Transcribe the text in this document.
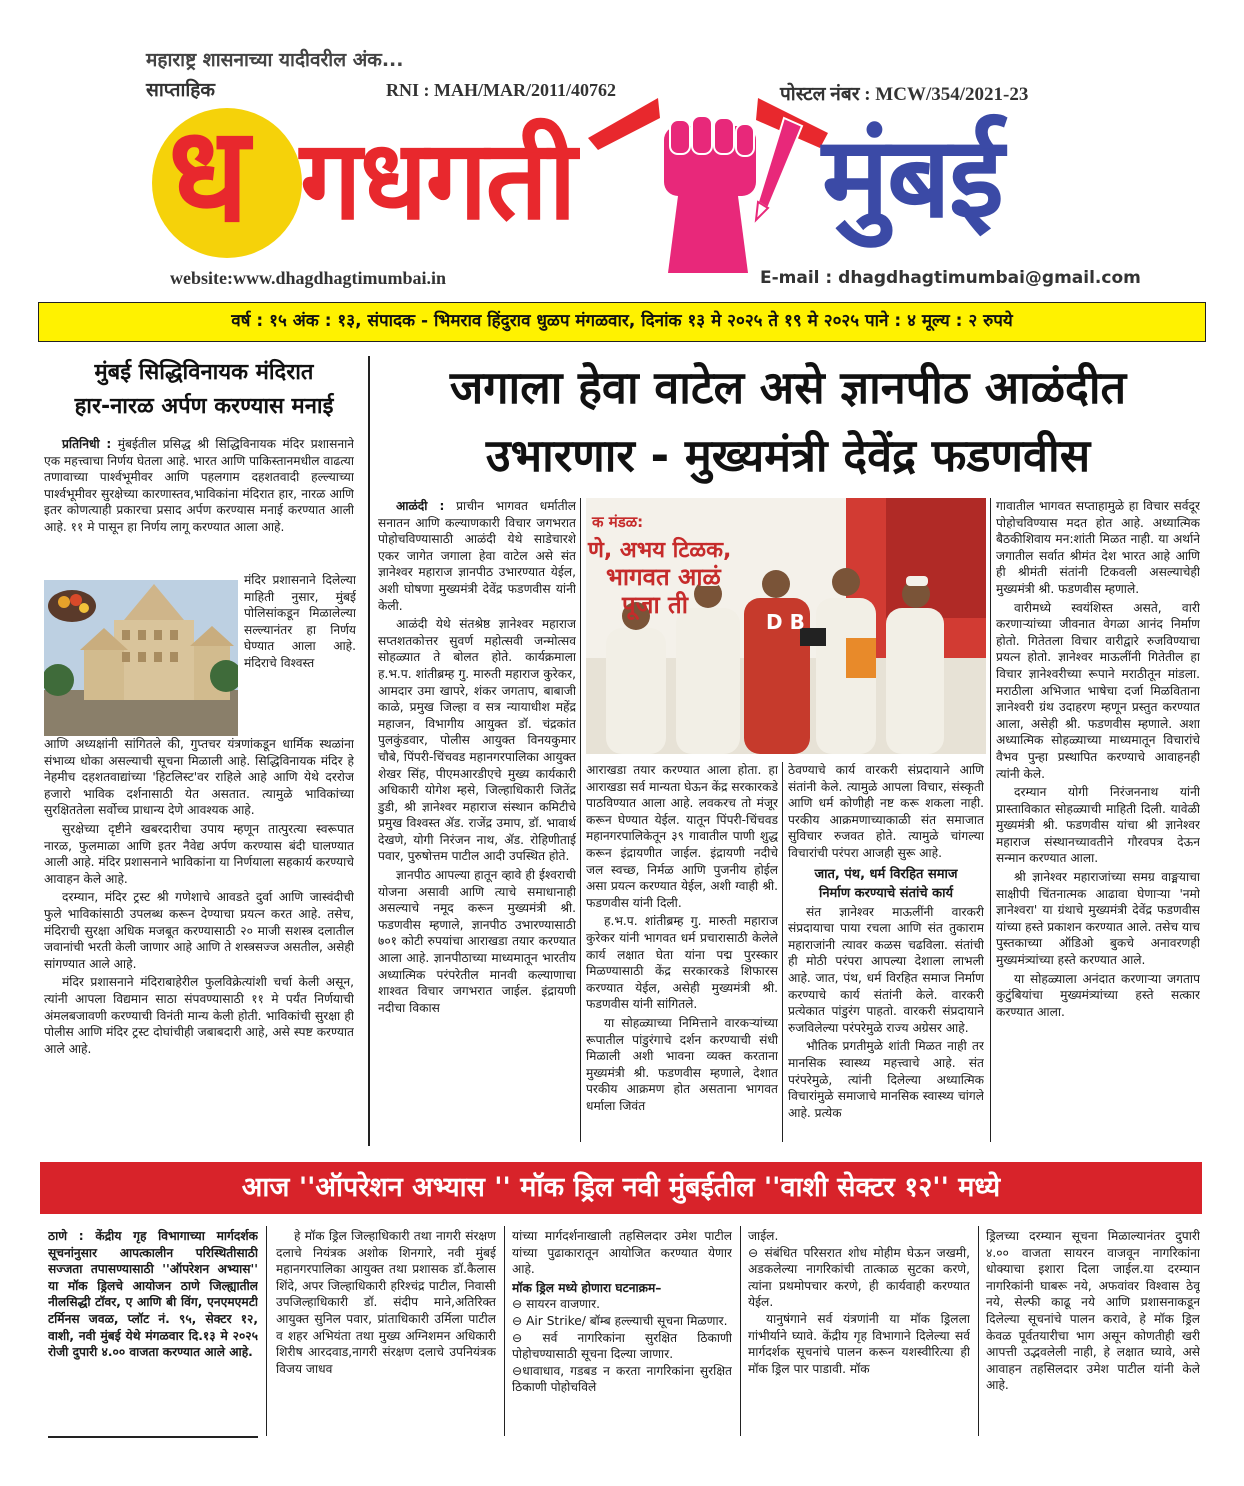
महाराष्ट्र शासनाच्या यादीवरील अंक...
साप्ताहिक	RNI : MAH/MAR/2011/40762	पोस्टल नंबर : MCW/354/2021-23
ध गधगती मुंबई
website:www.dhagdhagtimumbai.in	E-mail : dhagdhagtimumbai@gmail.com
वर्ष : १५ अंक : १३, संपादक - भिमराव हिंदुराव धुळप मंगळवार, दिनांक १३ मे २०२५ ते १९ मे २०२५ पाने : ४ मूल्य : २ रुपये
मुंबई सिद्धिविनायक मंदिरात
हार-नारळ अर्पण करण्यास मनाई

प्रतिनिधी : मुंबईतील प्रसिद्ध श्री सिद्धिविनायक मंदिर प्रशासनाने एक महत्त्वाचा निर्णय घेतला आहे. भारत आणि पाकिस्तानमधील वाढत्या तणावाच्या पार्श्वभूमीवर आणि पहलगाम दहशतवादी हल्ल्याच्या पार्श्वभूमीवर सुरक्षेच्या कारणास्तव,भाविकांना मंदिरात हार, नारळ आणि इतर कोणत्याही प्रकारचा प्रसाद अर्पण करण्यास मनाई करण्यात आली आहे. ११ मे पासून हा निर्णय लागू करण्यात आला आहे.

मंदिर प्रशासनाने दिलेल्या माहिती नुसार, मुंबई पोलिसांकडून मिळालेल्या सल्ल्यानंतर हा निर्णय घेण्यात आला आहे. मंदिराचे विश्वस्त

आणि अध्यक्षांनी सांगितले की, गुप्तचर यंत्रणांकडून धार्मिक स्थळांना संभाव्य धोका असल्याची सूचना मिळाली आहे. सिद्धिविनायक मंदिर हे नेहमीच दहशतवाद्यांच्या 'हिटलिस्ट'वर राहिले आहे आणि येथे दररोज हजारो भाविक दर्शनासाठी येत असतात. त्यामुळे भाविकांच्या सुरक्षिततेला सर्वोच्च प्राधान्य देणे आवश्यक आहे.

सुरक्षेच्या दृष्टीने खबरदारीचा उपाय म्हणून तात्पुरत्या स्वरूपात नारळ, फुलमाळा आणि इतर नैवेद्य अर्पण करण्यास बंदी घालण्यात आली आहे. मंदिर प्रशासनाने भाविकांना या निर्णयाला सहकार्य करण्याचे आवाहन केले आहे.

दरम्यान, मंदिर ट्रस्ट श्री गणेशाचे आवडते दुर्वा आणि जास्वंदीची फुले भाविकांसाठी उपलब्ध करून देण्याचा प्रयत्न करत आहे. तसेच, मंदिराची सुरक्षा अधिक मजबूत करण्यासाठी २० माजी सशस्त्र दलातील जवानांची भरती केली जाणार आहे आणि ते शस्त्रसज्ज असतील, असेही सांगण्यात आले आहे.

मंदिर प्रशासनाने मंदिराबाहेरील फुलविक्रेत्यांशी चर्चा केली असून, त्यांनी आपला विद्यमान साठा संपवण्यासाठी ११ मे पर्यंत निर्णयाची अंमलबजावणी करण्याची विनंती मान्य केली होती. भाविकांची सुरक्षा ही पोलीस आणि मंदिर ट्रस्ट दोघांचीही जबाबदारी आहे, असे स्पष्ट करण्यात आले आहे.

जगाला हेवा वाटेल असे ज्ञानपीठ आळंदीत
उभारणार - मुख्यमंत्री देवेंद्र फडणवीस

आळंदी : प्राचीन भागवत धर्मातील सनातन आणि कल्याणकारी विचार जगभरात पोहोचविण्यासाठी आळंदी येथे साडेचारशे एकर जागेत जगाला हेवा वाटेल असे संत ज्ञानेश्वर महाराज ज्ञानपीठ उभारण्यात येईल, अशी घोषणा मुख्यमंत्री देवेंद्र फडणवीस यांनी केली.

आळंदी येथे संतश्रेष्ठ ज्ञानेश्वर महाराज सप्तशतकोत्तर सुवर्ण महोत्सवी जन्मोत्सव सोहळ्यात ते बोलत होते. कार्यक्रमाला ह.भ.प. शांतीब्रम्ह गु. मारुती महाराज कुरेकर, आमदार उमा खापरे, शंकर जगताप, बाबाजी काळे, प्रमुख जिल्हा व सत्र न्यायाधीश महेंद्र महाजन, विभागीय आयुक्त डॉ. चंद्रकांत पुलकुंडवार, पोलीस आयुक्त विनयकुमार चौबे, पिंपरी-चिंचवड महानगरपालिका आयुक्त शेखर सिंह, पीएमआरडीएचे मुख्य कार्यकारी अधिकारी योगेश म्हसे, जिल्हाधिकारी जितेंद्र डुडी, श्री ज्ञानेश्वर महाराज संस्थान कमिटीचे प्रमुख विश्वस्त ॲड. राजेंद्र उमाप, डॉ. भावार्थ देखणे, योगी निरंजन नाथ, ॲड. रोहिणीताई पवार, पुरुषोत्तम पाटील आदी उपस्थित होते.

ज्ञानपीठ आपल्या हातून व्हावे ही ईश्वराची योजना असावी आणि त्याचे समाधानाही असल्याचे नमूद करून मुख्यमंत्री श्री. फडणवीस म्हणाले, ज्ञानपीठ उभारण्यासाठी ७०१ कोटी रुपयांचा आराखडा तयार करण्यात आला आहे. ज्ञानपीठाच्या माध्यमातून भारतीय अध्यात्मिक परंपरेतील मानवी कल्याणाचा शाश्वत विचार जगभरात जाईल. इंद्रायणी नदीचा विकास

क मंडळ:
णे, अभय टिळक,
भागवत आळं
पूजा ती
D B

आराखडा तयार करण्यात आला होता. हा आराखडा सर्व मान्यता घेऊन केंद्र सरकारकडे पाठविण्यात आला आहे. लवकरच तो मंजूर करून घेण्यात येईल. यातून पिंपरी-चिंचवड महानगरपालिकेतून ३९ गावातील पाणी शुद्ध करून इंद्रायणीत जाईल. इंद्रायणी नदीचे जल स्वच्छ, निर्मळ आणि पुजनीय होईल असा प्रयत्न करण्यात येईल, अशी ग्वाही श्री. फडणवीस यांनी दिली.

ह.भ.प. शांतीब्रम्ह गु. मारुती महाराज कुरेकर यांनी भागवत धर्म प्रचारासाठी केलेले कार्य लक्षात घेता यांना पद्म पुरस्कार मिळण्यासाठी केंद्र सरकारकडे शिफारस करण्यात येईल, असेही मुख्यमंत्री श्री. फडणवीस यांनी सांगितले.

या सोहळ्याच्या निमित्ताने वारकऱ्यांच्या रूपातील पांडुरंगाचे दर्शन करण्याची संधी मिळाली अशी भावना व्यक्त करताना मुख्यमंत्री श्री. फडणवीस म्हणाले, देशात परकीय आक्रमण होत असताना भागवत धर्माला जिवंत

ठेवण्याचे कार्य वारकरी संप्रदायाने आणि संतांनी केले. त्यामुळे आपला विचार, संस्कृती आणि धर्म कोणीही नष्ट करू शकला नाही. परकीय आक्रमणाच्याकाळी संत समाजात सुविचार रुजवत होते. त्यामुळे चांगल्या विचारांची परंपरा आजही सुरू आहे.

जात, पंथ, धर्म विरहित समाज
निर्माण करण्याचे संतांचे कार्य

संत ज्ञानेश्वर माऊलींनी वारकरी संप्रदायाचा पाया रचला आणि संत तुकाराम महाराजांनी त्यावर कळस चढविला. संतांची ही मोठी परंपरा आपल्या देशाला लाभली आहे. जात, पंथ, धर्म विरहित समाज निर्माण करण्याचे कार्य संतांनी केले. वारकरी प्रत्येकात पांडुरंग पाहतो. वारकरी संप्रदायाने रुजविलेल्या परंपरेमुळे राज्य अग्रेसर आहे.

भौतिक प्रगतीमुळे शांती मिळत नाही तर मानसिक स्वास्थ्य महत्त्वाचे आहे. संत परंपरेमुळे, त्यांनी दिलेल्या अध्यात्मिक विचारांमुळे समाजाचे मानसिक स्वास्थ्य चांगले आहे. प्रत्येक

गावातील भागवत सप्ताहामुळे हा विचार सर्वदूर पोहोचविण्यास मदत होत आहे. अध्यात्मिक बैठकीशिवाय मन:शांती मिळत नाही. या अर्थाने जगातील सर्वात श्रीमंत देश भारत आहे आणि ही श्रीमंती संतांनी टिकवली असल्याचेही मुख्यमंत्री श्री. फडणवीस म्हणाले.

वारीमध्ये स्वयंशिस्त असते, वारी करणाऱ्यांच्या जीवनात वेगळा आनंद निर्माण होतो. गितेतला विचार वारीद्वारे रुजविण्याचा प्रयत्न होतो. ज्ञानेश्वर माऊलींनी गितेतील हा विचार ज्ञानेश्वरीच्या रूपाने मराठीतून मांडला. मराठीला अभिजात भाषेचा दर्जा मिळविताना ज्ञानेश्वरी ग्रंथ उदाहरण म्हणून प्रस्तुत करण्यात आला, असेही श्री. फडणवीस म्हणाले. अशा अध्यात्मिक सोहळ्याच्या माध्यमातून विचारांचे वैभव पुन्हा प्रस्थापित करण्याचे आवाहनही त्यांनी केले.

दरम्यान योगी निरंजननाथ यांनी प्रास्ताविकात सोहळ्याची माहिती दिली. यावेळी मुख्यमंत्री श्री. फडणवीस यांचा श्री ज्ञानेश्वर महाराज संस्थानच्यावतीने गौरवपत्र देऊन सन्मान करण्यात आला.

श्री ज्ञानेश्वर महाराजांच्या समग्र वाङ्मयाचा साक्षीपी चिंतनात्मक आढावा घेणाऱ्या 'नमो ज्ञानेश्वरा' या ग्रंथाचे मुख्यमंत्री देवेंद्र फडणवीस यांच्या हस्ते प्रकाशन करण्यात आले. तसेच याच पुस्तकाच्या ऑडिओ बुकचे अनावरणही मुख्यमंत्र्यांच्या हस्ते करण्यात आले.

या सोहळ्याला अनंदात करणाऱ्या जगताप कुटुंबियांचा मुख्यमंत्र्यांच्या हस्ते सत्कार करण्यात आला.

आज ''ऑपरेशन अभ्यास '' मॉक ड्रिल नवी मुंबईतील ''वाशी सेक्टर १२'' मध्ये

ठाणे : केंद्रीय गृह विभागाच्या मार्गदर्शक सूचनांनुसार आपत्कालीन परिस्थितीसाठी सज्जता तपासण्यासाठी ''ऑपरेशन अभ्यास'' या मॉक ड्रिलचे आयोजन ठाणे जिल्ह्यातील नीलसिद्धी टॉवर, ए आणि बी विंग, एनएमएमटी टर्मिनस जवळ, प्लॉट नं. ९५, सेक्टर १२, वाशी, नवी मुंबई येथे मंगळवार दि.१३ मे २०२५ रोजी दुपारी ४.०० वाजता करण्यात आले आहे.

हे मॉक ड्रिल जिल्हाधिकारी तथा नागरी संरक्षण दलाचे नियंत्रक अशोक शिनगारे, नवी मुंबई महानगरपालिका आयुक्त तथा प्रशासक डॉ.कैलास शिंदे, अपर जिल्हाधिकारी हरिश्चंद्र पाटील, निवासी उपजिल्हाधिकारी डॉ. संदीप माने,अतिरिक्त आयुक्त सुनिल पवार, प्रांताधिकारी उर्मिला पाटील व शहर अभियंता तथा मुख्य अग्निशमन अधिकारी शिरीष आरदवाड,नागरी संरक्षण दलाचे उपनियंत्रक विजय जाधव

यांच्या मार्गदर्शनाखाली तहसिलदार उमेश पाटील यांच्या पुढाकारातून आयोजित करण्यात येणार आहे.

मॉक ड्रिल मध्ये होणारा घटनाक्रम–
⊖ सायरन वाजणार.
⊖ Air Strike/ बॉम्ब हल्ल्याची सूचना मिळणार.
⊖ सर्व नागरिकांना सुरक्षित ठिकाणी पोहोचण्यासाठी सूचना दिल्या जाणार.
⊖धावाधाव, गडबड न करता नागरिकांना सुरक्षित ठिकाणी पोहोचविले
जाईल.
⊖ संबंधित परिसरात शोध मोहीम घेऊन जखमी, अडकलेल्या नागरिकांची तात्काळ सुटका करणे, त्यांना प्रथमोपचार करणे, ही कार्यवाही करण्यात येईल.

यानुषंगाने सर्व यंत्रणांनी या मॉक ड्रिलला गांभीर्याने घ्यावे. केंद्रीय गृह विभागाने दिलेल्या सर्व मार्गदर्शक सूचनांचे पालन करून यशस्वीरित्या ही मॉक ड्रिल पार पाडावी. मॉक

ड्रिलच्या दरम्यान सूचना मिळाल्यानंतर दुपारी ४.०० वाजता सायरन वाजवून नागरिकांना धोक्याचा इशारा दिला जाईल.या दरम्यान नागरिकांनी घाबरू नये, अफवांवर विश्वास ठेवू नये, सेल्फी काढू नये आणि प्रशासनाकडून दिलेल्या सूचनांचे पालन करावे, हे मॉक ड्रिल केवळ पूर्वतयारीचा भाग असून कोणतीही खरी आपत्ती उद्भवलेली नाही, हे लक्षात घ्यावे, असे आवाहन तहसिलदार उमेश पाटील यांनी केले आहे.
